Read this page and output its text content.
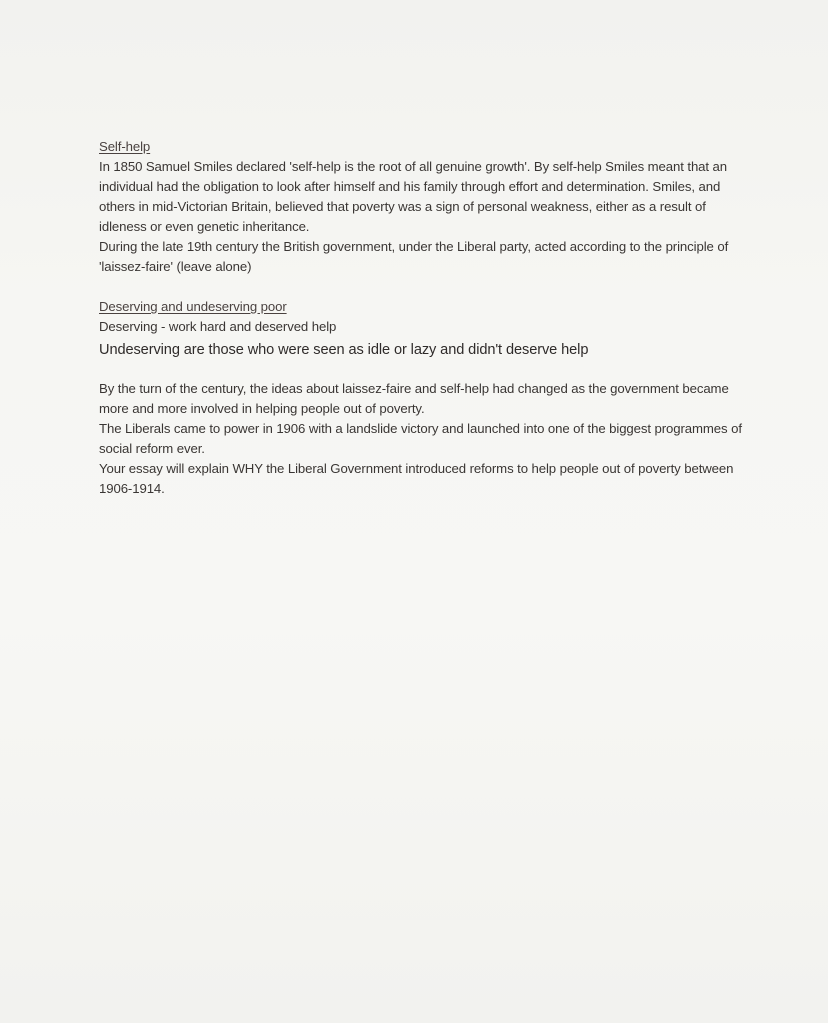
Self-help

In 1850 Samuel Smiles declared 'self-help is the root of all genuine growth'. By self-help Smiles meant that an individual had the obligation to look after himself and his family through effort and determination. Smiles, and others in mid-Victorian Britain, believed that poverty was a sign of personal weakness, either as a result of idleness or even genetic inheritance.

During the late 19th century the British government, under the Liberal party, acted according to the principle of 'laissez-faire' (leave alone)

Deserving and undeserving poor

Deserving - work hard and deserved help

Undeserving are those who were seen as idle or lazy and didn't deserve help

By the turn of the century, the ideas about laissez-faire and self-help had changed as the government became more and more involved in helping people out of poverty.

The Liberals came to power in 1906 with a landslide victory and launched into one of the biggest programmes of social reform ever.

Your essay will explain WHY the Liberal Government introduced reforms to help people out of poverty between 1906-1914.
